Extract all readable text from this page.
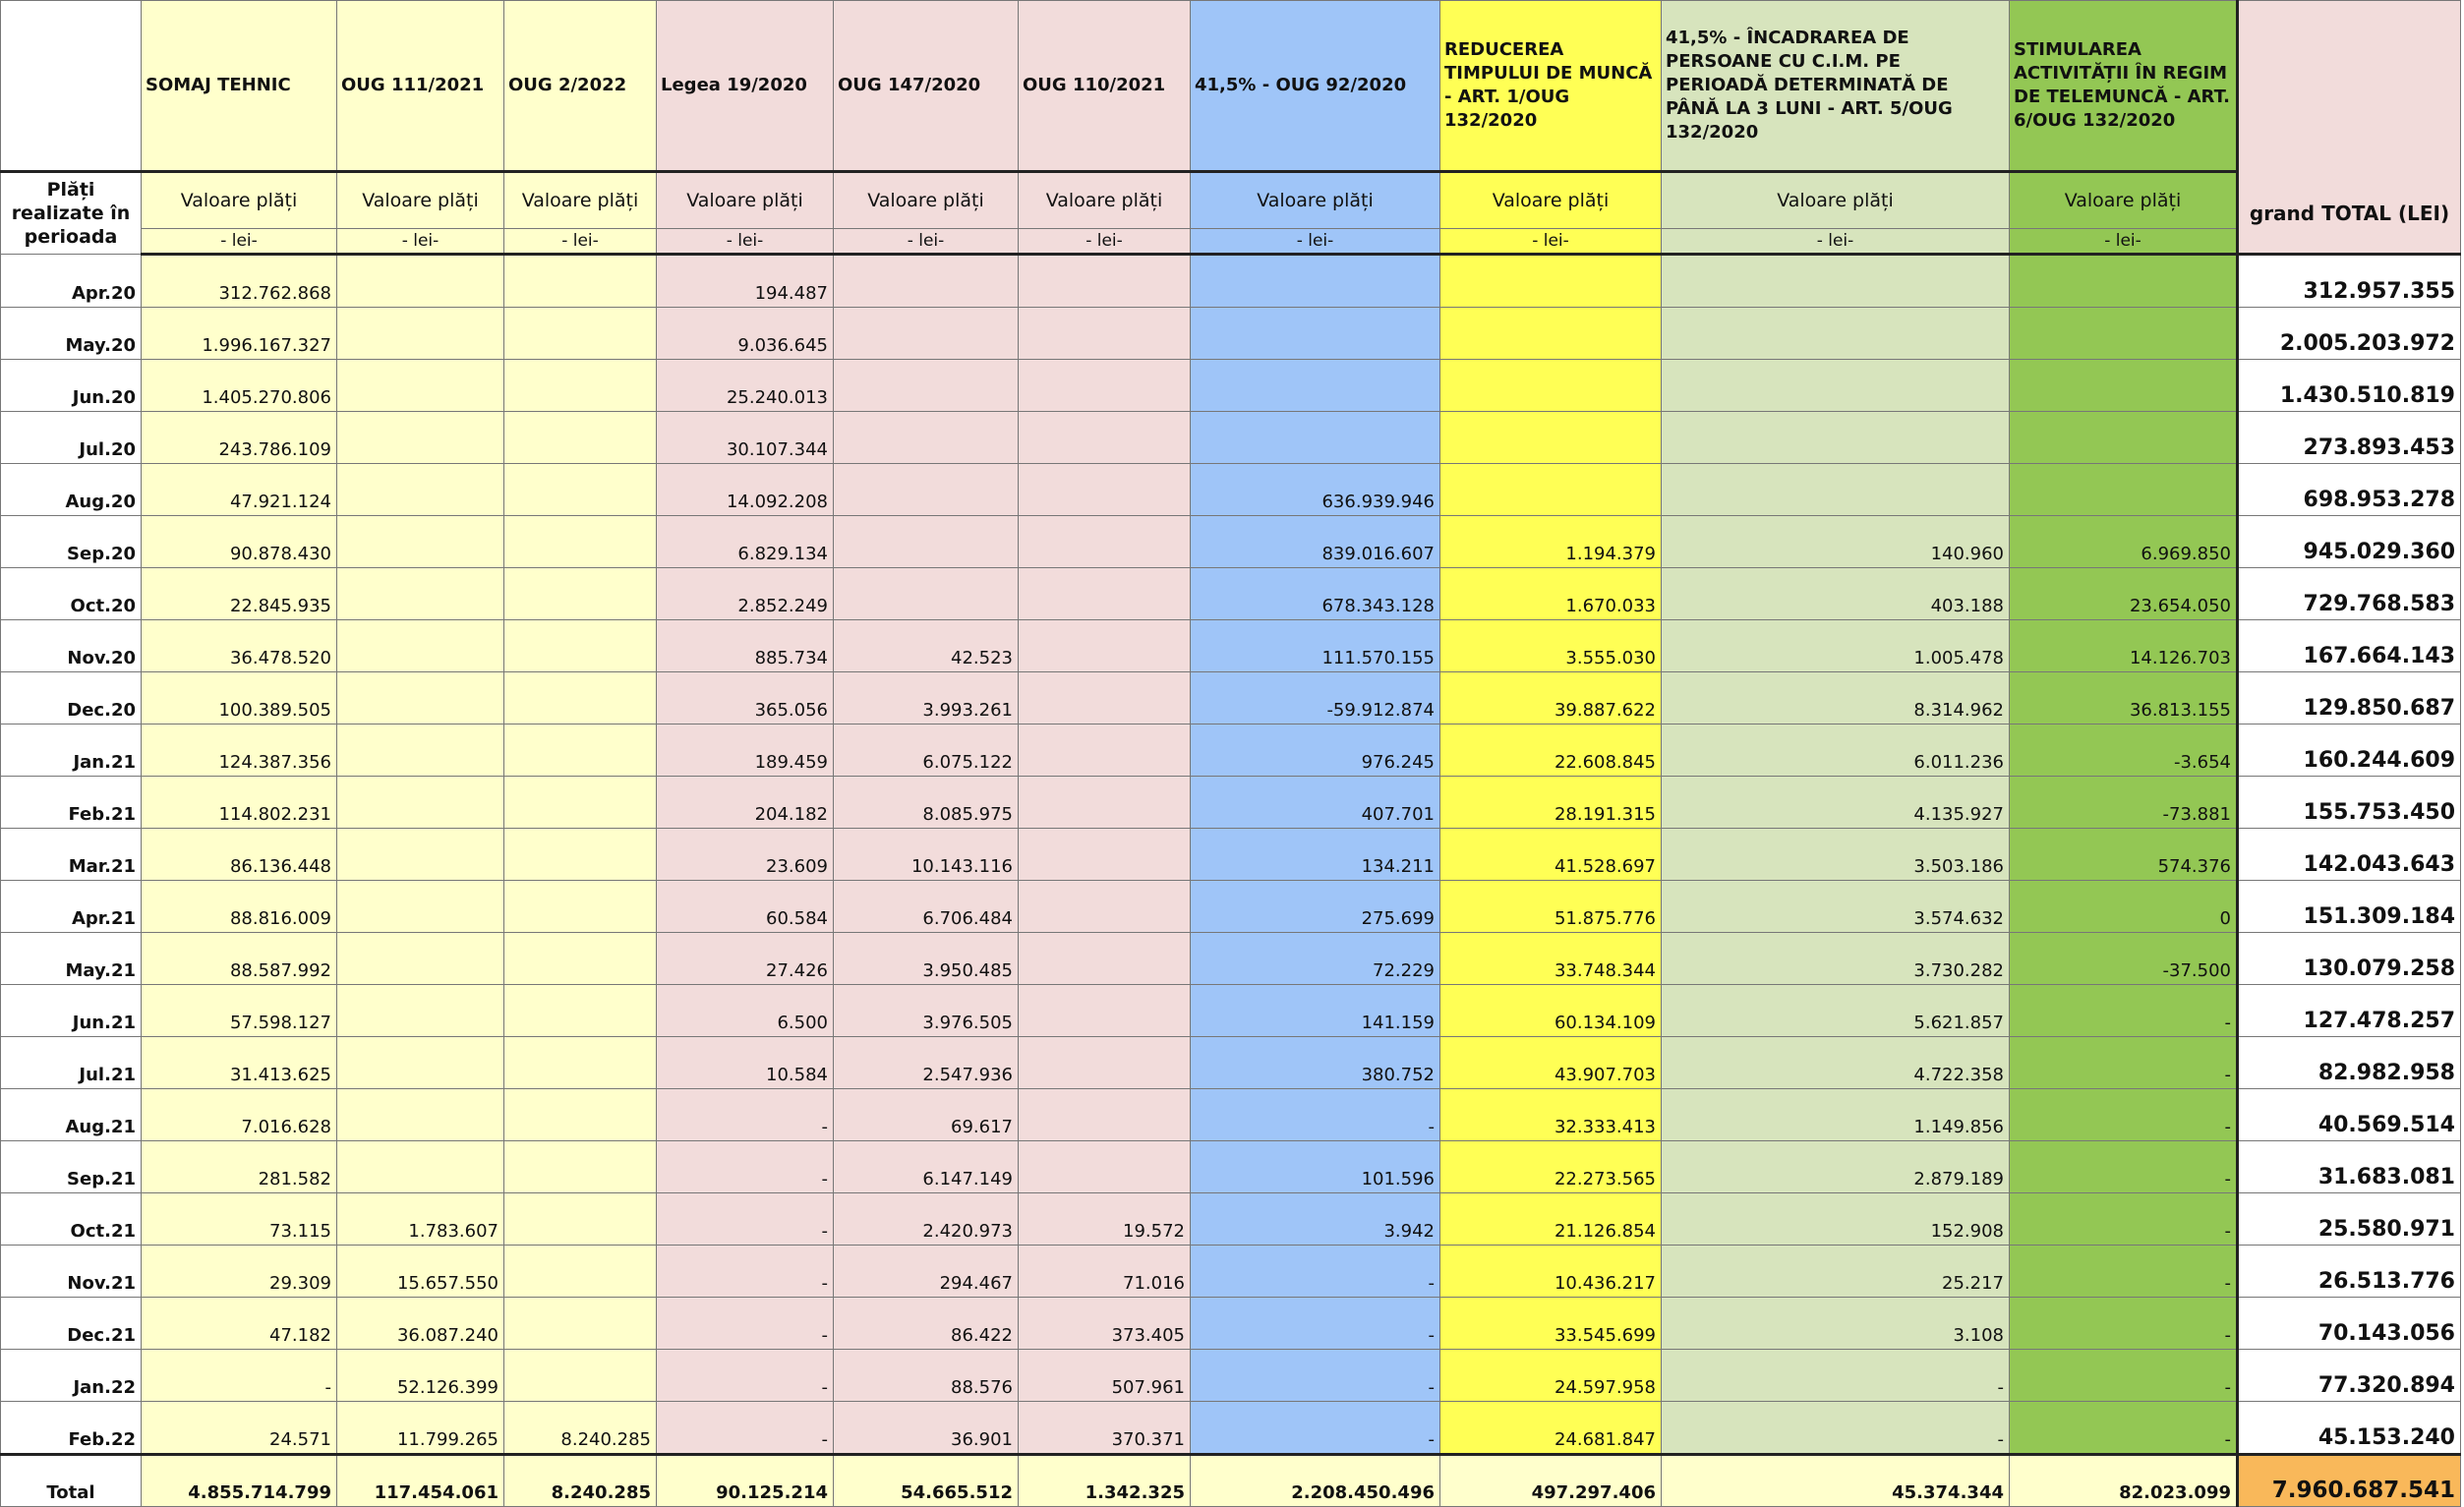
	SOMAJ TEHNIC	OUG 111/2021	OUG 2/2022	Legea 19/2020	OUG 147/2020	OUG 110/2021	41,5% - OUG 92/2020	REDUCEREA TIMPULUI DE MUNCĂ - ART. 1/OUG 132/2020	41,5% - ÎNCADRAREA DE PERSOANE CU C.I.M. PE PERIOADĂ DETERMINATĂ DE PÂNĂ LA 3 LUNI - ART. 5/OUG 132/2020	STIMULAREA ACTIVITĂȚII ÎN REGIM DE TELEMUNCĂ - ART. 6/OUG 132/2020	grand TOTAL (LEI)
Plăți realizate în perioada	Valoare plăți	Valoare plăți	Valoare plăți	Valoare plăți	Valoare plăți	Valoare plăți	Valoare plăți	Valoare plăți	Valoare plăți	Valoare plăți	
	- lei-	- lei-	- lei-	- lei-	- lei-	- lei-	- lei-	- lei-	- lei-	- lei-	
Apr.20	312.762.868			194.487							312.957.355
May.20	1.996.167.327			9.036.645							2.005.203.972
Jun.20	1.405.270.806			25.240.013							1.430.510.819
Jul.20	243.786.109			30.107.344							273.893.453
Aug.20	47.921.124			14.092.208			636.939.946				698.953.278
Sep.20	90.878.430			6.829.134			839.016.607	1.194.379	140.960	6.969.850	945.029.360
Oct.20	22.845.935			2.852.249			678.343.128	1.670.033	403.188	23.654.050	729.768.583
Nov.20	36.478.520			885.734	42.523		111.570.155	3.555.030	1.005.478	14.126.703	167.664.143
Dec.20	100.389.505			365.056	3.993.261		-59.912.874	39.887.622	8.314.962	36.813.155	129.850.687
Jan.21	124.387.356			189.459	6.075.122		976.245	22.608.845	6.011.236	-3.654	160.244.609
Feb.21	114.802.231			204.182	8.085.975		407.701	28.191.315	4.135.927	-73.881	155.753.450
Mar.21	86.136.448			23.609	10.143.116		134.211	41.528.697	3.503.186	574.376	142.043.643
Apr.21	88.816.009			60.584	6.706.484		275.699	51.875.776	3.574.632	0	151.309.184
May.21	88.587.992			27.426	3.950.485		72.229	33.748.344	3.730.282	-37.500	130.079.258
Jun.21	57.598.127			6.500	3.976.505		141.159	60.134.109	5.621.857	-	127.478.257
Jul.21	31.413.625			10.584	2.547.936		380.752	43.907.703	4.722.358	-	82.982.958
Aug.21	7.016.628			-	69.617		-	32.333.413	1.149.856	-	40.569.514
Sep.21	281.582			-	6.147.149		101.596	22.273.565	2.879.189	-	31.683.081
Oct.21	73.115	1.783.607		-	2.420.973	19.572	3.942	21.126.854	152.908	-	25.580.971
Nov.21	29.309	15.657.550		-	294.467	71.016	-	10.436.217	25.217	-	26.513.776
Dec.21	47.182	36.087.240		-	86.422	373.405	-	33.545.699	3.108	-	70.143.056
Jan.22	-	52.126.399		-	88.576	507.961	-	24.597.958	-	-	77.320.894
Feb.22	24.571	11.799.265	8.240.285	-	36.901	370.371	-	24.681.847	-	-	45.153.240
Total	4.855.714.799	117.454.061	8.240.285	90.125.214	54.665.512	1.342.325	2.208.450.496	497.297.406	45.374.344	82.023.099	7.960.687.541
